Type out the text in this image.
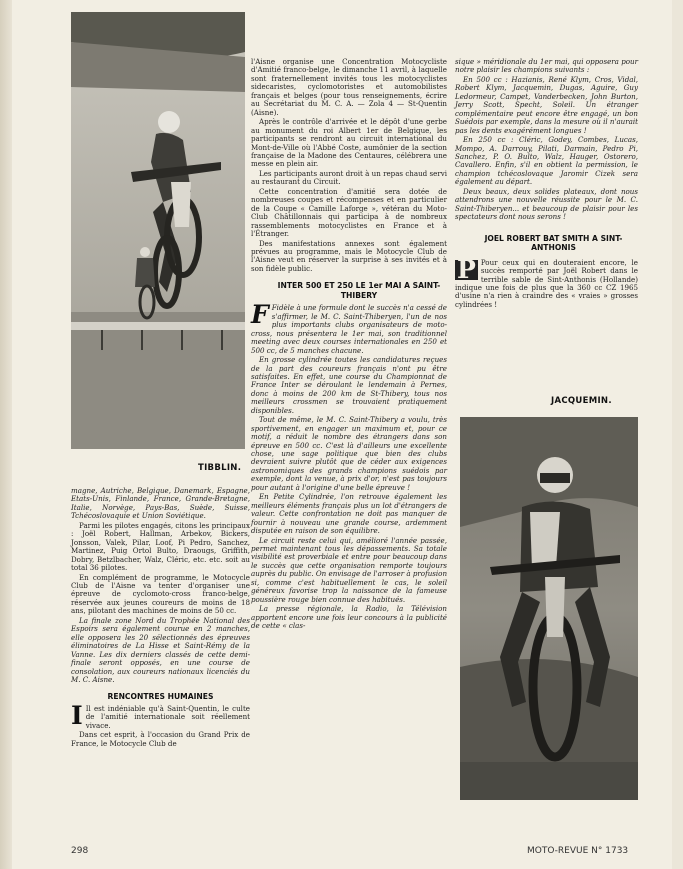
TIBBLIN.

magne, Autriche, Belgique, Danemark, Espagne, Etats-Unis, Finlande, France, Grande-Bretagne, Italie, Norvège, Pays-Bas, Suède, Suisse, Tchécoslovaquie et Union Soviétique.

Parmi les pilotes engagés, citons les principaux : Joël Robert, Hallman, Arbekov, Bickers, Jonsson, Valek, Pilar, Loof, Pi Pedro, Sanchez, Martinez, Puig Ortol Bulto, Draougs, Griffith, Dobry, Betzlbacher, Walz, Cléric, etc. etc. soit au total 36 pilotes.

En complément de programme, le Motocycle Club de l'Aisne va tenter d'organiser une épreuve de cyclomoto-cross franco-belge, réservée aux jeunes coureurs de moins de 18 ans, pilotant des machines de moins de 50 cc.

La finale zone Nord du Trophée National des Espoirs sera également courue en 2 manches, elle opposera les 20 sélectionnés des épreuves éliminatoires de La Hisse et Saint-Rémy de la Vanne. Les dix derniers classés de cette demi-finale seront opposés, en une course de consolation, aux coureurs nationaux licenciés du M. C. Aisne.

RENCONTRES HUMAINES

I Il est indéniable qu'à Saint-Quentin, le culte de l'amitié internationale soit réellement vivace.

Dans cet esprit, à l'occasion du Grand Prix de France, le Motocycle Club de

l'Aisne organise une Concentration Motocycliste d'Amitié franco-belge, le dimanche 11 avril, à laquelle sont fraternellement invités tous les motocyclistes sidecaristes, cyclomotoristes et automobilistes français et belges (pour tous renseignements, écrire au Secrétariat du M. C. A. — Zola 4 — St-Quentin (Aisne).

Après le contrôle d'arrivée et le dépôt d'une gerbe au monument du roi Albert 1er de Belgique, les participants se rendront au circuit international du Mont-de-Ville où l'Abbé Coste, aumônier de la section française de la Madone des Centaures, célébrera une messe en plein air.

Les participants auront droit à un repas chaud servi au restaurant du Circuit.

Cette concentration d'amitié sera dotée de nombreuses coupes et récompenses et en particulier de la Coupe « Camille Laforge », vétéran du Moto-Club Châtillonnais qui participa à de nombreux rassemblements motocyclistes en France et à l'Étranger.

Des manifestations annexes sont également prévues au programme, mais le Motocycle Club de l'Aisne veut en réserver la surprise à ses invités et à son fidèle public.

INTER 500 ET 250 LE 1er MAI A SAINT-THIBERY

F Fidèle à une formule dont le succès n'a cessé de s'affirmer, le M. C. Saint-Thiberyen, l'un de nos plus importants clubs organisateurs de moto-cross, nous présentera le 1er mai, son traditionnel meeting avec deux courses internationales en 250 et 500 cc, de 5 manches chacune.

En grosse cylindrée toutes les candidatures reçues de la part des coureurs français n'ont pu être satisfaites. En effet, une course du Championnat de France Inter se déroulant le lendemain à Pernes, donc à moins de 200 km de St-Thibery, tous nos meilleurs crossmen se trouvaient pratiquement disponibles.

Tout de même, le M. C. Saint-Thibery a voulu, très sportivement, en engager un maximum et, pour ce motif, a réduit le nombre des étrangers dans son épreuve en 500 cc. C'est là d'ailleurs une excellente chose, une sage politique que bien des clubs devraient suivre plutôt que de céder aux exigences astronomiques des grands champions suédois par exemple, dont la venue, à prix d'or, n'est pas toujours pour autant à l'origine d'une belle épreuve !

En Petite Cylindrée, l'on retrouve également les meilleurs éléments français plus un lot d'étrangers de valeur. Cette confrontation ne doit pas manquer de fournir à nouveau une grande course, ardemment disputée en raison de son équilibre.

Le circuit reste celui qui, amélioré l'année passée, permet maintenant tous les dépassements. Sa totale visibilité est proverbiale et entre pour beaucoup dans le succès que cette organisation remporte toujours auprès du public. On envisage de l'arroser à profusion si, comme c'est habituellement le cas, le soleil généreux favorise trop la naissance de la fameuse poussière rouge bien connue des habitués.

La presse régionale, la Radio, la Télévision apportent encore une fois leur concours à la publicité de cette « clas-

sique » méridionale du 1er mai, qui opposera pour notre plaisir les champions suivants :

En 500 cc : Hazianis, René Klym, Cros, Vidal, Robert Klym, Jacquemin, Dugas, Aguire, Guy Ledormeur, Campet, Vanderbecken, John Burton, Jerry Scott, Specht, Soleil. Un étranger complémentaire peut encore être engagé, un bon Suédois par exemple, dans la mesure où il n'aurait pas les dents exagérément longues !

En 250 cc : Cléric, Godey, Combes, Lucas, Mompo, A. Darrouy, Pilati, Darmain, Pedro Pi, Sanchez, P. O. Bulto, Walz, Hauger, Ostorero, Cavallero. Enfin, s'il en obtient la permission, le champion tchécoslovaque Jaromir Cizek sera également au départ.

Deux beaux, deux solides plateaux, dont nous attendrons une nouvelle réussite pour le M. C. Saint-Thiberyen... et beaucoup de plaisir pour les spectateurs dont nous serons !

JOEL ROBERT BAT SMITH A SINT-ANTHONIS

P Pour ceux qui en douteraient encore, le succès remporté par Joël Robert dans le terrible sable de Sint-Anthonis (Hollande) indique une fois de plus que la 360 cc CZ 1965 d'usine n'a rien à craindre des « vraies » grosses cylindrées !

JACQUEMIN.
298	MOTO-REVUE N° 1733
